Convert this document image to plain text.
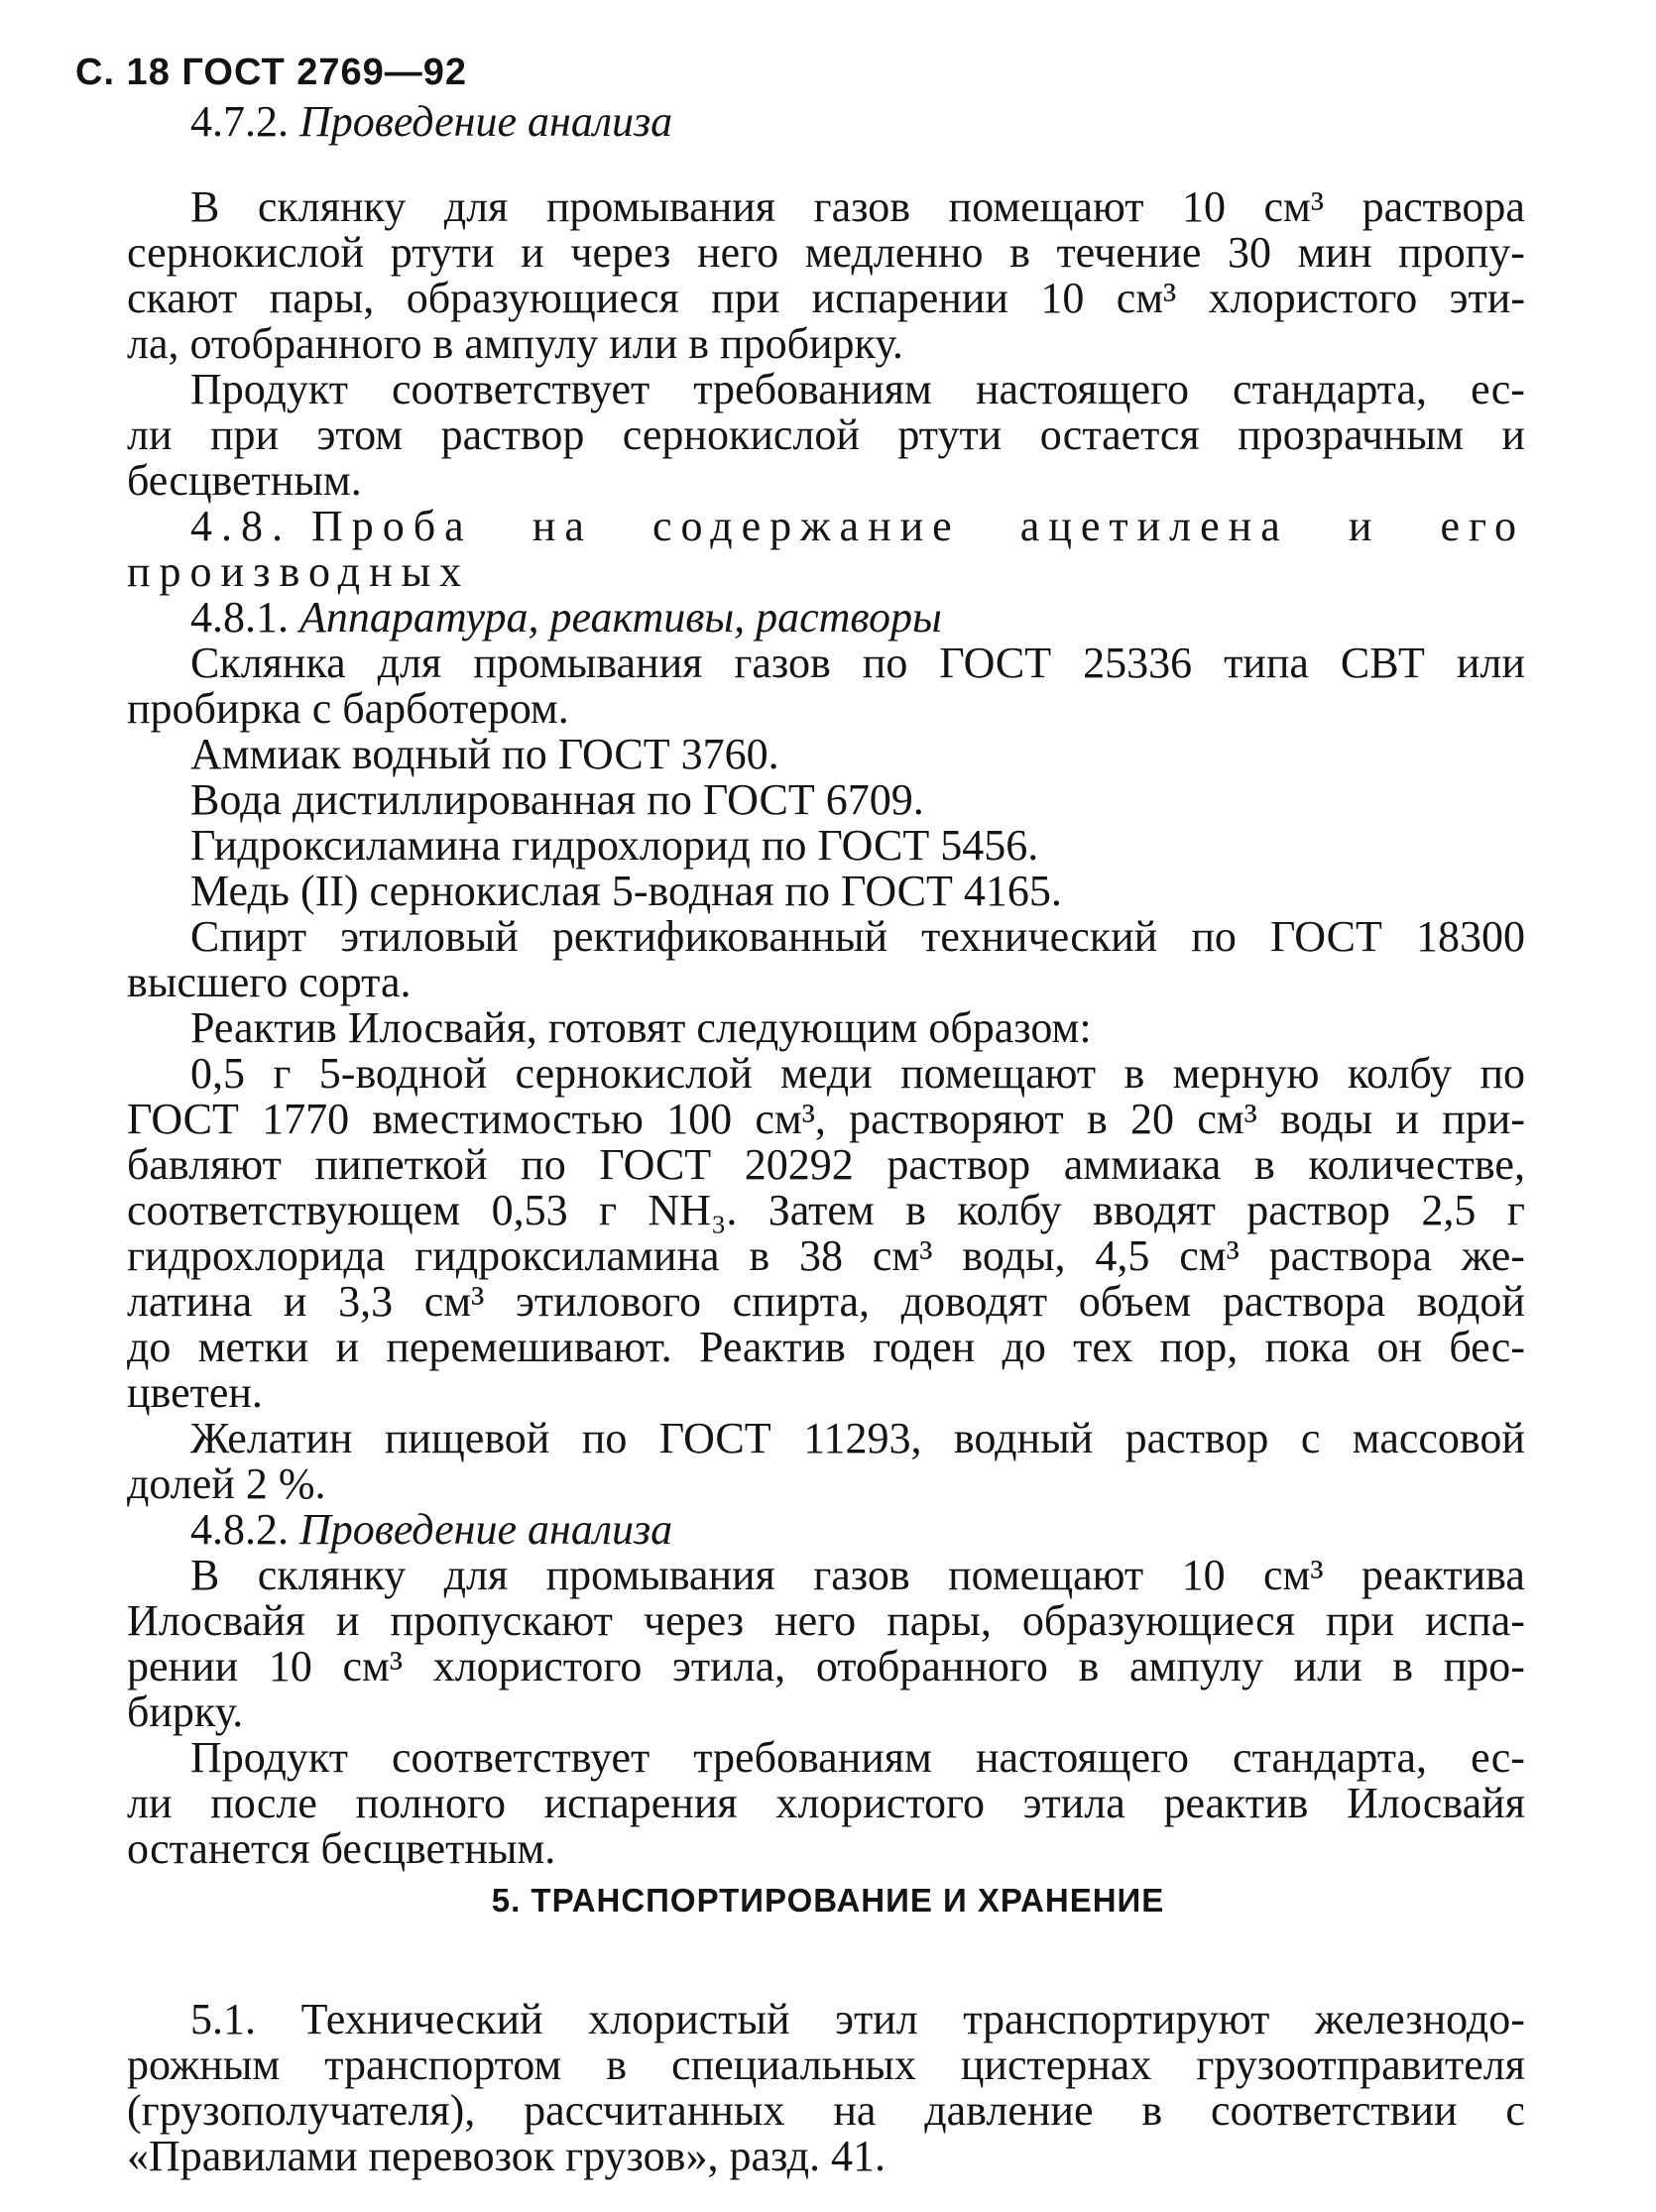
С. 18 ГОСТ 2769—92
4.7.2. Проведение анализа
В склянку для промывания газов помещают 10 см³ раствора
сернокислой ртути и через него медленно в течение 30 мин пропу-
скают пары, образующиеся при испарении 10 см³ хлористого эти-
ла, отобранного в ампулу или в пробирку.
Продукт соответствует требованиям настоящего стандарта, ес-
ли при этом раствор сернокислой ртути остается прозрачным и
бесцветным.
4.8. Проба на содержание ацетилена и его
производных
4.8.1. Аппаратура, реактивы, растворы
Склянка для промывания газов по ГОСТ 25336 типа СВТ или
пробирка с барботером.
Аммиак водный по ГОСТ 3760.
Вода дистиллированная по ГОСТ 6709.
Гидроксиламина гидрохлорид по ГОСТ 5456.
Медь (II) сернокислая 5-водная по ГОСТ 4165.
Спирт этиловый ректификованный технический по ГОСТ 18300
высшего сорта.
Реактив Илосвайя, готовят следующим образом:
0,5 г 5-водной сернокислой меди помещают в мерную колбу по
ГОСТ 1770 вместимостью 100 см³, растворяют в 20 см³ воды и при-
бавляют пипеткой по ГОСТ 20292 раствор аммиака в количестве,
соответствующем 0,53 г NH₃. Затем в колбу вводят раствор 2,5 г
гидрохлорида гидроксиламина в 38 см³ воды, 4,5 см³ раствора же-
латина и 3,3 см³ этилового спирта, доводят объем раствора водой
до метки и перемешивают. Реактив годен до тех пор, пока он бес-
цветен.
Желатин пищевой по ГОСТ 11293, водный раствор с массовой
долей 2 %.
4.8.2. Проведение анализа
В склянку для промывания газов помещают 10 см³ реактива
Илосвайя и пропускают через него пары, образующиеся при испа-
рении 10 см³ хлористого этила, отобранного в ампулу или в про-
бирку.
Продукт соответствует требованиям настоящего стандарта, ес-
ли после полного испарения хлористого этила реактив Илосвайя
останется бесцветным.
5. ТРАНСПОРТИРОВАНИЕ И ХРАНЕНИЕ
5.1. Технический хлористый этил транспортируют железнодо-
рожным транспортом в специальных цистернах грузоотправителя
(грузополучателя), рассчитанных на давление в соответствии с
«Правилами перевозок грузов», разд. 41.
